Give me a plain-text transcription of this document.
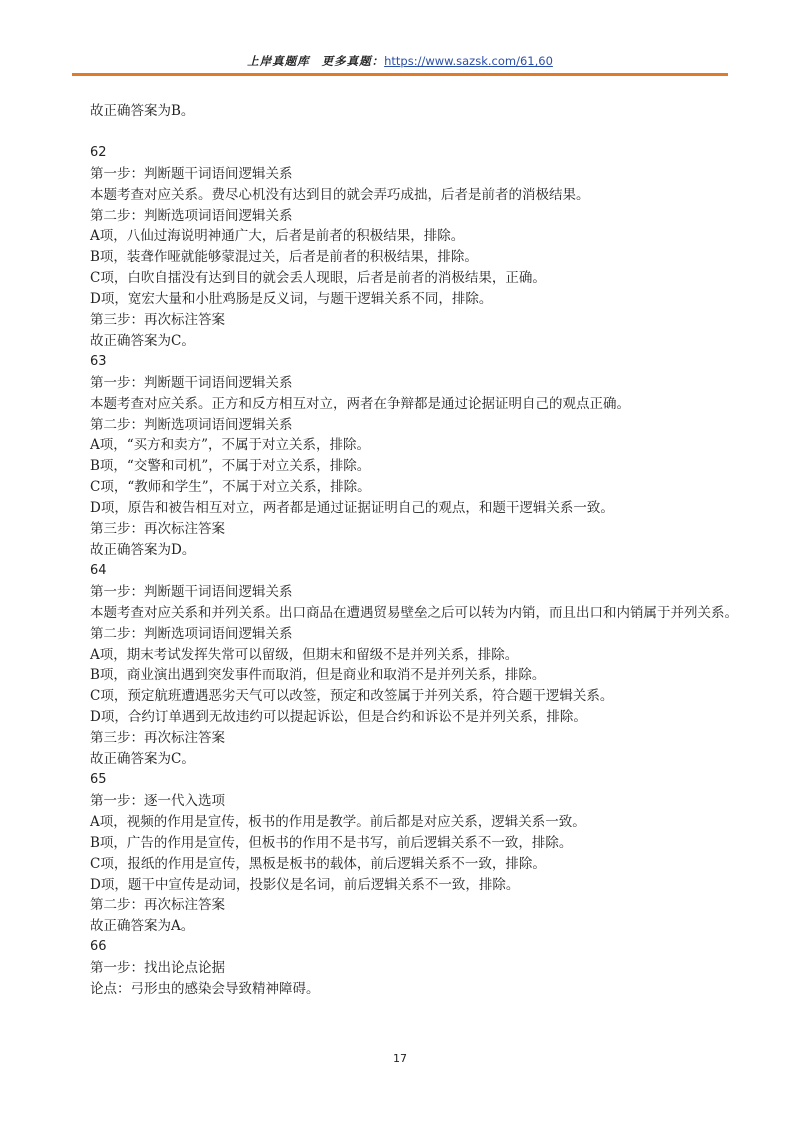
上岸真题库 更多真题：https://www.sazsk.com/61,60
故正确答案为B。
62
第一步：判断题干词语间逻辑关系
本题考查对应关系。费尽心机没有达到目的就会弄巧成拙，后者是前者的消极结果。
第二步：判断选项词语间逻辑关系
A项，八仙过海说明神通广大，后者是前者的积极结果，排除。
B项，装聋作哑就能够蒙混过关，后者是前者的积极结果，排除。
C项，白吹自擂没有达到目的就会丢人现眼，后者是前者的消极结果，正确。
D项，宽宏大量和小肚鸡肠是反义词，与题干逻辑关系不同，排除。
第三步：再次标注答案
故正确答案为C。
63
第一步：判断题干词语间逻辑关系
本题考查对应关系。正方和反方相互对立，两者在争辩都是通过论据证明自己的观点正确。
第二步：判断选项词语间逻辑关系
A项，“买方和卖方”，不属于对立关系，排除。
B项，“交警和司机”，不属于对立关系，排除。
C项，“教师和学生”，不属于对立关系，排除。
D项，原告和被告相互对立，两者都是通过证据证明自己的观点，和题干逻辑关系一致。
第三步：再次标注答案
故正确答案为D。
64
第一步：判断题干词语间逻辑关系
本题考查对应关系和并列关系。出口商品在遭遇贸易壁垒之后可以转为内销，而且出口和内销属于并列关系。
第二步：判断选项词语间逻辑关系
A项，期末考试发挥失常可以留级，但期末和留级不是并列关系，排除。
B项，商业演出遇到突发事件而取消，但是商业和取消不是并列关系，排除。
C项，预定航班遭遇恶劣天气可以改签，预定和改签属于并列关系，符合题干逻辑关系。
D项，合约订单遇到无故违约可以提起诉讼，但是合约和诉讼不是并列关系，排除。
第三步：再次标注答案
故正确答案为C。
65
第一步：逐一代入选项
A项，视频的作用是宣传，板书的作用是教学。前后都是对应关系，逻辑关系一致。
B项，广告的作用是宣传，但板书的作用不是书写，前后逻辑关系不一致，排除。
C项，报纸的作用是宣传，黑板是板书的载体，前后逻辑关系不一致，排除。
D项，题干中宣传是动词，投影仪是名词，前后逻辑关系不一致，排除。
第二步：再次标注答案
故正确答案为A。
66
第一步：找出论点论据
论点：弓形虫的感染会导致精神障碍。
17
